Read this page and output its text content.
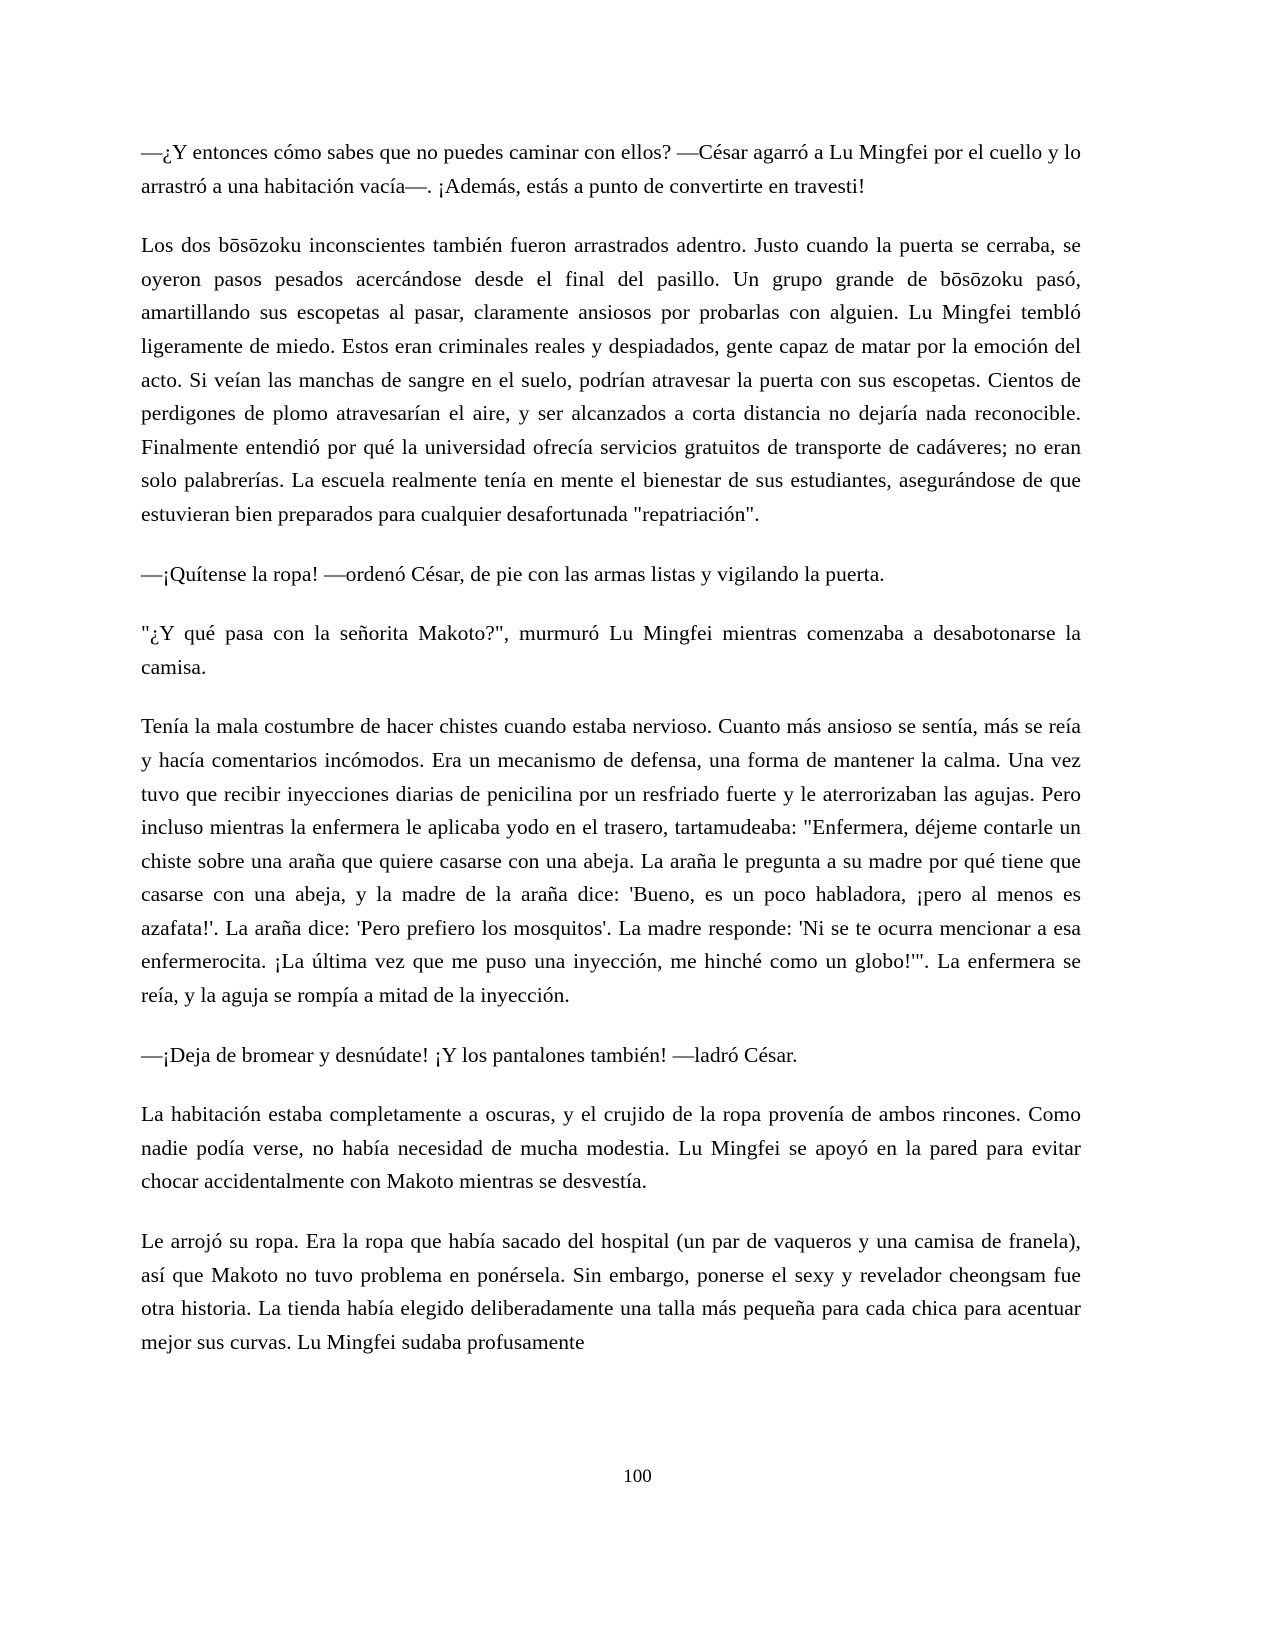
—¿Y entonces cómo sabes que no puedes caminar con ellos? —César agarró a Lu Mingfei por el cuello y lo arrastró a una habitación vacía—. ¡Además, estás a punto de convertirte en travesti!

Los dos bōsōzoku inconscientes también fueron arrastrados adentro. Justo cuando la puerta se cerraba, se oyeron pasos pesados acercándose desde el final del pasillo. Un grupo grande de bōsōzoku pasó, amartillando sus escopetas al pasar, claramente ansiosos por probarlas con alguien. Lu Mingfei tembló ligeramente de miedo. Estos eran criminales reales y despiadados, gente capaz de matar por la emoción del acto. Si veían las manchas de sangre en el suelo, podrían atravesar la puerta con sus escopetas. Cientos de perdigones de plomo atravesarían el aire, y ser alcanzados a corta distancia no dejaría nada reconocible. Finalmente entendió por qué la universidad ofrecía servicios gratuitos de transporte de cadáveres; no eran solo palabrerías. La escuela realmente tenía en mente el bienestar de sus estudiantes, asegurándose de que estuvieran bien preparados para cualquier desafortunada "repatriación".

—¡Quítense la ropa! —ordenó César, de pie con las armas listas y vigilando la puerta.

"¿Y qué pasa con la señorita Makoto?", murmuró Lu Mingfei mientras comenzaba a desabotonarse la camisa.

Tenía la mala costumbre de hacer chistes cuando estaba nervioso. Cuanto más ansioso se sentía, más se reía y hacía comentarios incómodos. Era un mecanismo de defensa, una forma de mantener la calma. Una vez tuvo que recibir inyecciones diarias de penicilina por un resfriado fuerte y le aterrorizaban las agujas. Pero incluso mientras la enfermera le aplicaba yodo en el trasero, tartamudeaba: "Enfermera, déjeme contarle un chiste sobre una araña que quiere casarse con una abeja. La araña le pregunta a su madre por qué tiene que casarse con una abeja, y la madre de la araña dice: 'Bueno, es un poco habladora, ¡pero al menos es azafata!'. La araña dice: 'Pero prefiero los mosquitos'. La madre responde: 'Ni se te ocurra mencionar a esa enfermerocita. ¡La última vez que me puso una inyección, me hinché como un globo!'". La enfermera se reía, y la aguja se rompía a mitad de la inyección.

—¡Deja de bromear y desnúdate! ¡Y los pantalones también! —ladró César.

La habitación estaba completamente a oscuras, y el crujido de la ropa provenía de ambos rincones. Como nadie podía verse, no había necesidad de mucha modestia. Lu Mingfei se apoyó en la pared para evitar chocar accidentalmente con Makoto mientras se desvestía.

Le arrojó su ropa. Era la ropa que había sacado del hospital (un par de vaqueros y una camisa de franela), así que Makoto no tuvo problema en ponérsela. Sin embargo, ponerse el sexy y revelador cheongsam fue otra historia. La tienda había elegido deliberadamente una talla más pequeña para cada chica para acentuar mejor sus curvas. Lu Mingfei sudaba profusamente

100
